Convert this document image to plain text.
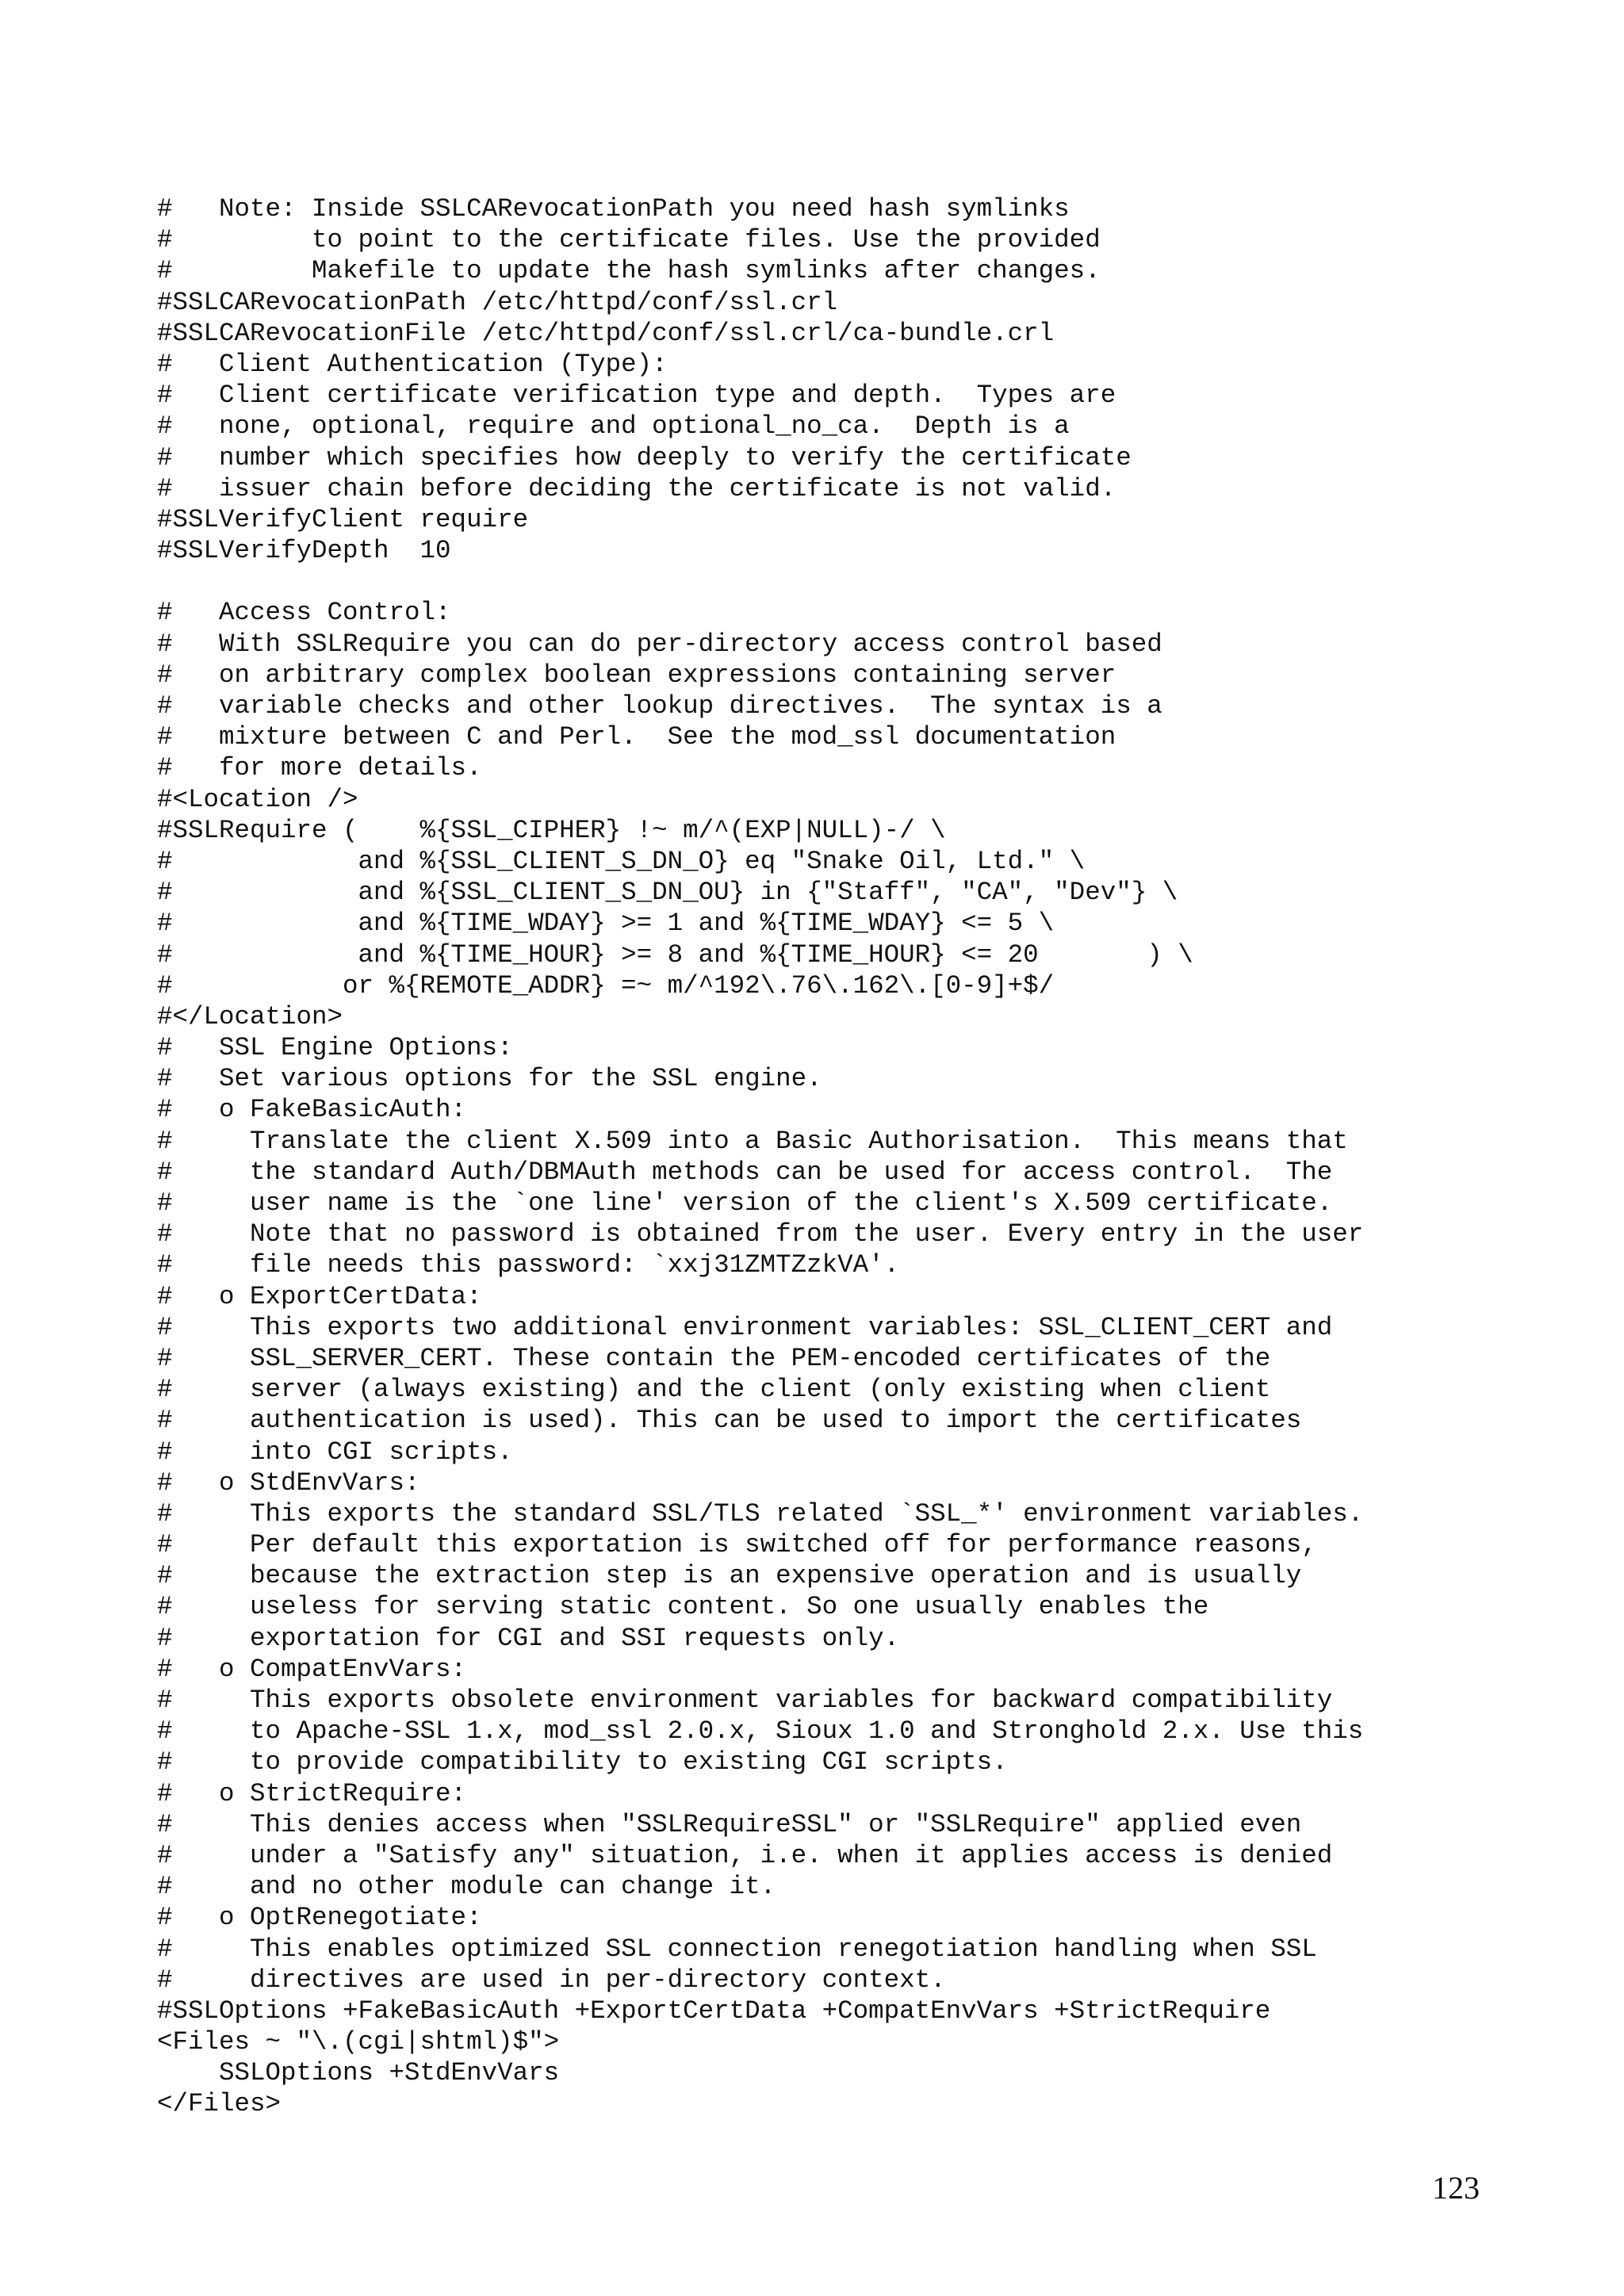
#   Note: Inside SSLCARevocationPath you need hash symlinks
#         to point to the certificate files. Use the provided
#         Makefile to update the hash symlinks after changes.
#SSLCARevocationPath /etc/httpd/conf/ssl.crl
#SSLCARevocationFile /etc/httpd/conf/ssl.crl/ca-bundle.crl
#   Client Authentication (Type):
#   Client certificate verification type and depth.  Types are
#   none, optional, require and optional_no_ca.  Depth is a
#   number which specifies how deeply to verify the certificate
#   issuer chain before deciding the certificate is not valid.
#SSLVerifyClient require
#SSLVerifyDepth  10
#   Access Control:
#   With SSLRequire you can do per-directory access control based
#   on arbitrary complex boolean expressions containing server
#   variable checks and other lookup directives.  The syntax is a
#   mixture between C and Perl.  See the mod_ssl documentation
#   for more details.
#<Location />
#SSLRequire (    %{SSL_CIPHER} !~ m/^(EXP|NULL)-/ \
#            and %{SSL_CLIENT_S_DN_O} eq "Snake Oil, Ltd." \
#            and %{SSL_CLIENT_S_DN_OU} in {"Staff", "CA", "Dev"} \
#            and %{TIME_WDAY} >= 1 and %{TIME_WDAY} <= 5 \
#            and %{TIME_HOUR} >= 8 and %{TIME_HOUR} <= 20       ) \
#           or %{REMOTE_ADDR} =~ m/^192\.76\.162\.[0-9]+$/
#</Location>
#   SSL Engine Options:
#   Set various options for the SSL engine.
#   o FakeBasicAuth:
#     Translate the client X.509 into a Basic Authorisation.  This means that
#     the standard Auth/DBMAuth methods can be used for access control.  The
#     user name is the `one line' version of the client's X.509 certificate.
#     Note that no password is obtained from the user. Every entry in the user
#     file needs this password: `xxj31ZMTZzkVA'.
#   o ExportCertData:
#     This exports two additional environment variables: SSL_CLIENT_CERT and
#     SSL_SERVER_CERT. These contain the PEM-encoded certificates of the
#     server (always existing) and the client (only existing when client
#     authentication is used). This can be used to import the certificates
#     into CGI scripts.
#   o StdEnvVars:
#     This exports the standard SSL/TLS related `SSL_*' environment variables.
#     Per default this exportation is switched off for performance reasons,
#     because the extraction step is an expensive operation and is usually
#     useless for serving static content. So one usually enables the
#     exportation for CGI and SSI requests only.
#   o CompatEnvVars:
#     This exports obsolete environment variables for backward compatibility
#     to Apache-SSL 1.x, mod_ssl 2.0.x, Sioux 1.0 and Stronghold 2.x. Use this
#     to provide compatibility to existing CGI scripts.
#   o StrictRequire:
#     This denies access when "SSLRequireSSL" or "SSLRequire" applied even
#     under a "Satisfy any" situation, i.e. when it applies access is denied
#     and no other module can change it.
#   o OptRenegotiate:
#     This enables optimized SSL connection renegotiation handling when SSL
#     directives are used in per-directory context.
#SSLOptions +FakeBasicAuth +ExportCertData +CompatEnvVars +StrictRequire
<Files ~ "\.(cgi|shtml)$">
SSLOptions +StdEnvVars
</Files>
123
